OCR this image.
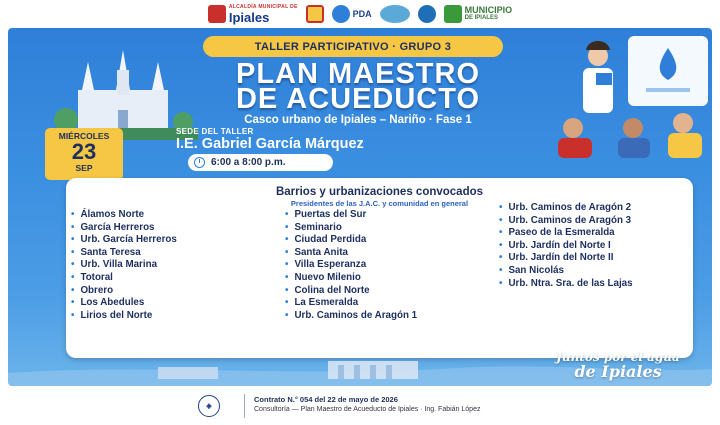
ALCALDÍA MUNICIPAL DE
Ipiales	PDA	MUNICIPIO
DE IPIALES
TALLER PARTICIPATIVO · GRUPO 3
PLAN MAESTRO
DE ACUEDUCTO
Casco urbano de Ipiales – Nariño · Fase 1
MIÉRCOLES
23
SEP
SEDE DEL TALLER
I.E. Gabriel García Márquez
6:00 a 8:00 p.m.
Barrios y urbanizaciones convocados
Presidentes de las J.A.C. y comunidad en general
• Álamos Norte
• García Herreros
• Urb. García Herreros
• Santa Teresa
• Urb. Villa Marina
• Totoral
• Obrero
• Los Abedules
• Lirios del Norte
• Puertas del Sur
• Seminario
• Ciudad Perdida
• Santa Anita
• Villa Esperanza
• Nuevo Milenio
• Colina del Norte
• La Esmeralda
• Urb. Caminos de Aragón 1
• Urb. Caminos de Aragón 2
• Urb. Caminos de Aragón 3
• Paseo de la Esmeralda
• Urb. Jardín del Norte I
• Urb. Jardín del Norte II
• San Nicolás
• Urb. Ntra. Sra. de las Lajas
Juntos por el agua
de Ipiales
◈
Contrato N.° 054 del 22 de mayo de 2026
Consultoría — Plan Maestro de Acueducto de Ipiales · Ing. Fabián López
